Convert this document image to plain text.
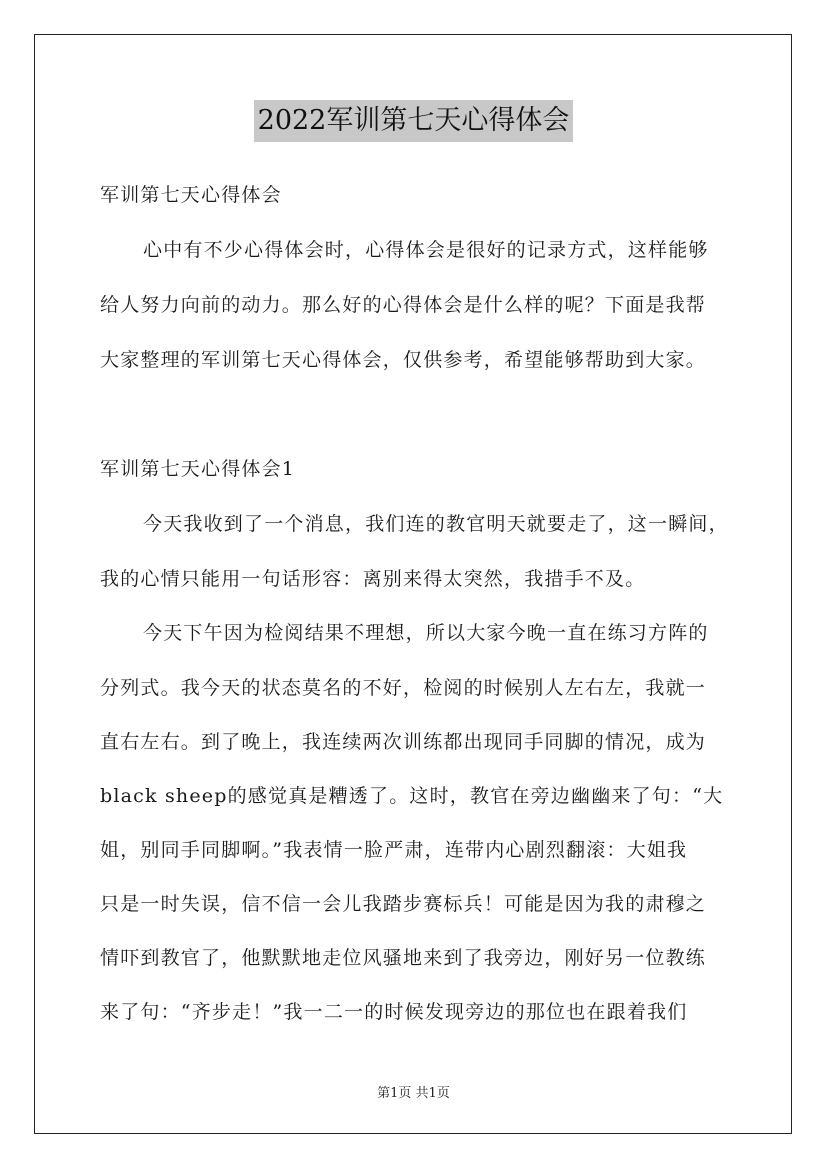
2022军训第七天心得体会
军训第七天心得体会
心中有不少心得体会时，心得体会是很好的记录方式，这样能够
给人努力向前的动力。那么好的心得体会是什么样的呢？下面是我帮
大家整理的军训第七天心得体会，仅供参考，希望能够帮助到大家。
军训第七天心得体会1
今天我收到了一个消息，我们连的教官明天就要走了，这一瞬间，
我的心情只能用一句话形容：离别来得太突然，我措手不及。
今天下午因为检阅结果不理想，所以大家今晚一直在练习方阵的
分列式。我今天的状态莫名的不好，检阅的时候别人左右左，我就一
直右左右。到了晚上，我连续两次训练都出现同手同脚的情况，成为
black sheep的感觉真是糟透了。这时，教官在旁边幽幽来了句：“大
姐，别同手同脚啊。”我表情一脸严肃，连带内心剧烈翻滚：大姐我
只是一时失误，信不信一会儿我踏步赛标兵！可能是因为我的肃穆之
情吓到教官了，他默默地走位风骚地来到了我旁边，刚好另一位教练
来了句：“齐步走！”我一二一的时候发现旁边的那位也在跟着我们
第1页 共1页
